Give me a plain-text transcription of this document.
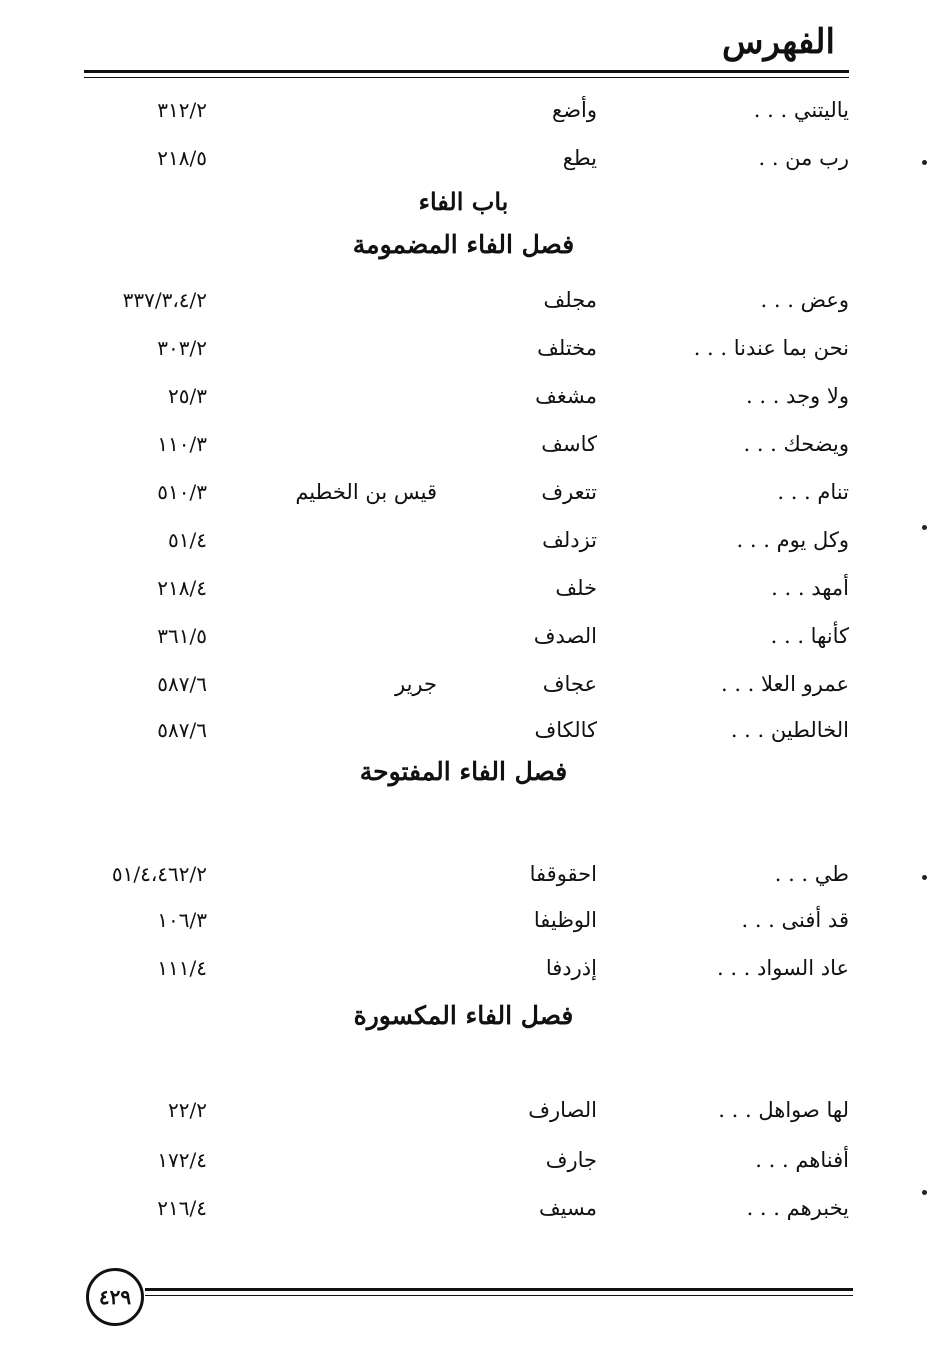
الفهرس
ياليتني . . .
وأضع
٣١٢/٢
رب من . .
يطع
٢١٨/٥
باب الفاء
فصل الفاء المضمومة
وعض . . .
مجلف
٣٣٧/٣،٤/٢
نحن بما عندنا . . .
مختلف
٣٠٣/٢
ولا وجد . . .
مشغف
٢٥/٣
ويضحك . . .
كاسف
١١٠/٣
تنام . . .
تتعرف
قيس بن الخطيم
٥١٠/٣
وكل يوم . . .
تزدلف
٥١/٤
أمهد . . .
خلف
٢١٨/٤
كأنها . . .
الصدف
٣٦١/٥
عمرو العلا . . .
عجاف
جرير
٥٨٧/٦
الخالطين . . .
كالكاف
٥٨٧/٦
فصل الفاء المفتوحة
طي . . .
احقوقفا
٥١/٤،٤٦٢/٢
قد أفنى . . .
الوظيفا
١٠٦/٣
عاد السواد . . .
إذردفا
١١١/٤
فصل الفاء المكسورة
لها صواهل . . .
الصارف
٢٢/٢
أفناهم . . .
جارف
١٧٢/٤
يخبرهم . . .
مسيف
٢١٦/٤
٤٢٩
